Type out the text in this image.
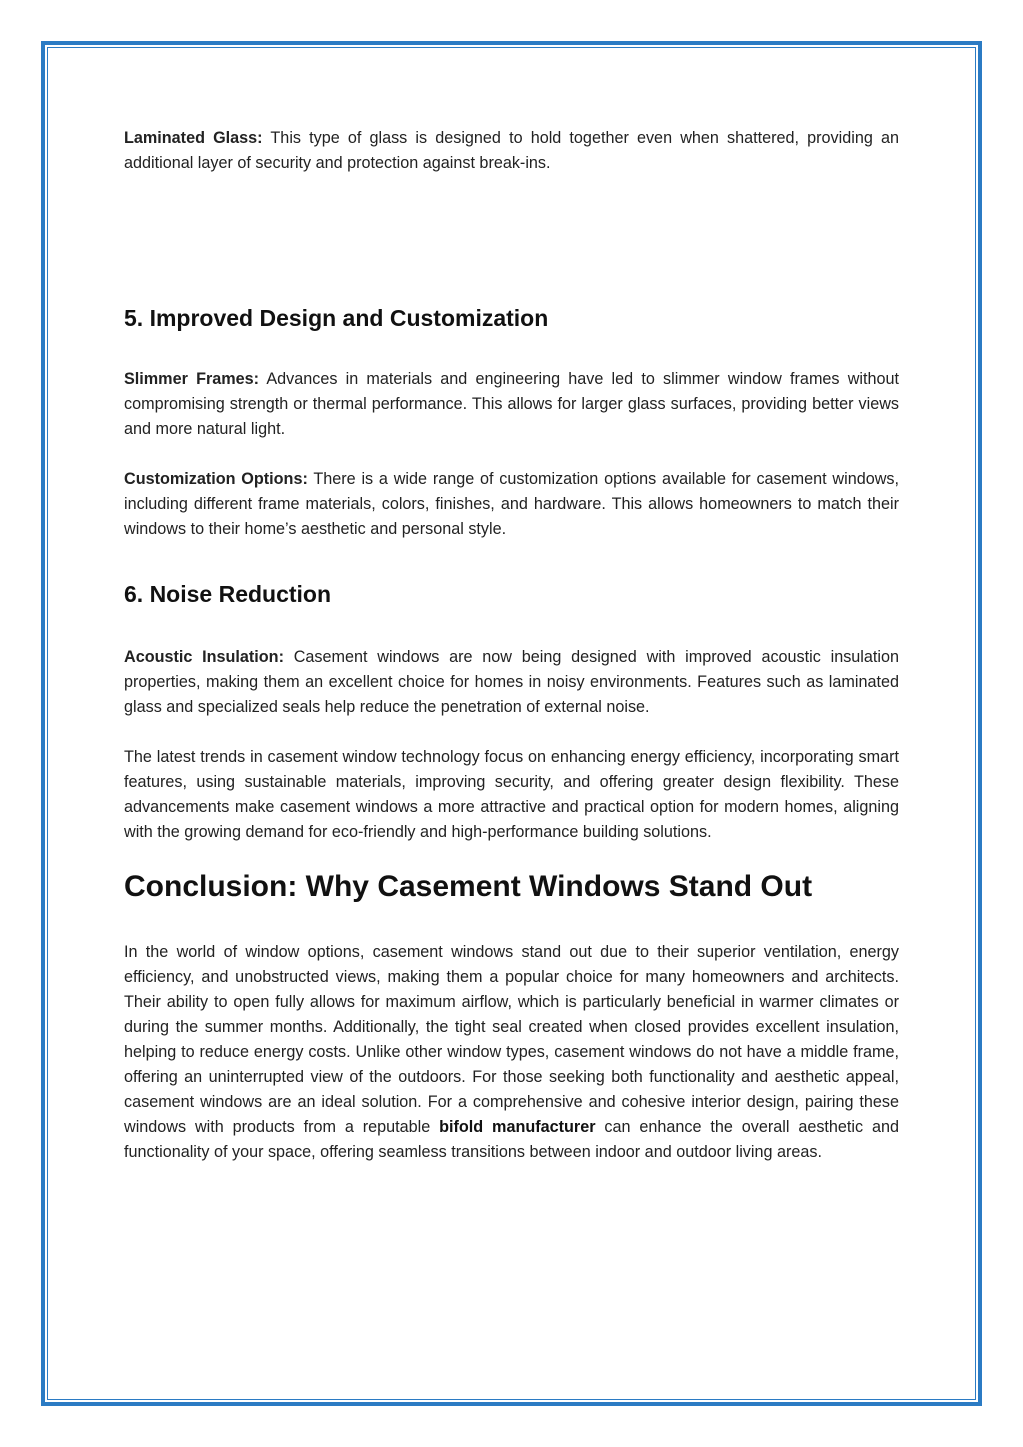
Laminated Glass: This type of glass is designed to hold together even when shattered, providing an additional layer of security and protection against break-ins.

5. Improved Design and Customization

Slimmer Frames: Advances in materials and engineering have led to slimmer window frames without compromising strength or thermal performance. This allows for larger glass surfaces, providing better views and more natural light.

Customization Options: There is a wide range of customization options available for casement windows, including different frame materials, colors, finishes, and hardware. This allows homeowners to match their windows to their home’s aesthetic and personal style.

6. Noise Reduction

Acoustic Insulation: Casement windows are now being designed with improved acoustic insulation properties, making them an excellent choice for homes in noisy environments. Features such as laminated glass and specialized seals help reduce the penetration of external noise.

The latest trends in casement window technology focus on enhancing energy efficiency, incorporating smart features, using sustainable materials, improving security, and offering greater design flexibility. These advancements make casement windows a more attractive and practical option for modern homes, aligning with the growing demand for eco-friendly and high-performance building solutions.

Conclusion: Why Casement Windows Stand Out

In the world of window options, casement windows stand out due to their superior ventilation, energy efficiency, and unobstructed views, making them a popular choice for many homeowners and architects. Their ability to open fully allows for maximum airflow, which is particularly beneficial in warmer climates or during the summer months. Additionally, the tight seal created when closed provides excellent insulation, helping to reduce energy costs. Unlike other window types, casement windows do not have a middle frame, offering an uninterrupted view of the outdoors. For those seeking both functionality and aesthetic appeal, casement windows are an ideal solution. For a comprehensive and cohesive interior design, pairing these windows with products from a reputable bifold manufacturer can enhance the overall aesthetic and functionality of your space, offering seamless transitions between indoor and outdoor living areas.
